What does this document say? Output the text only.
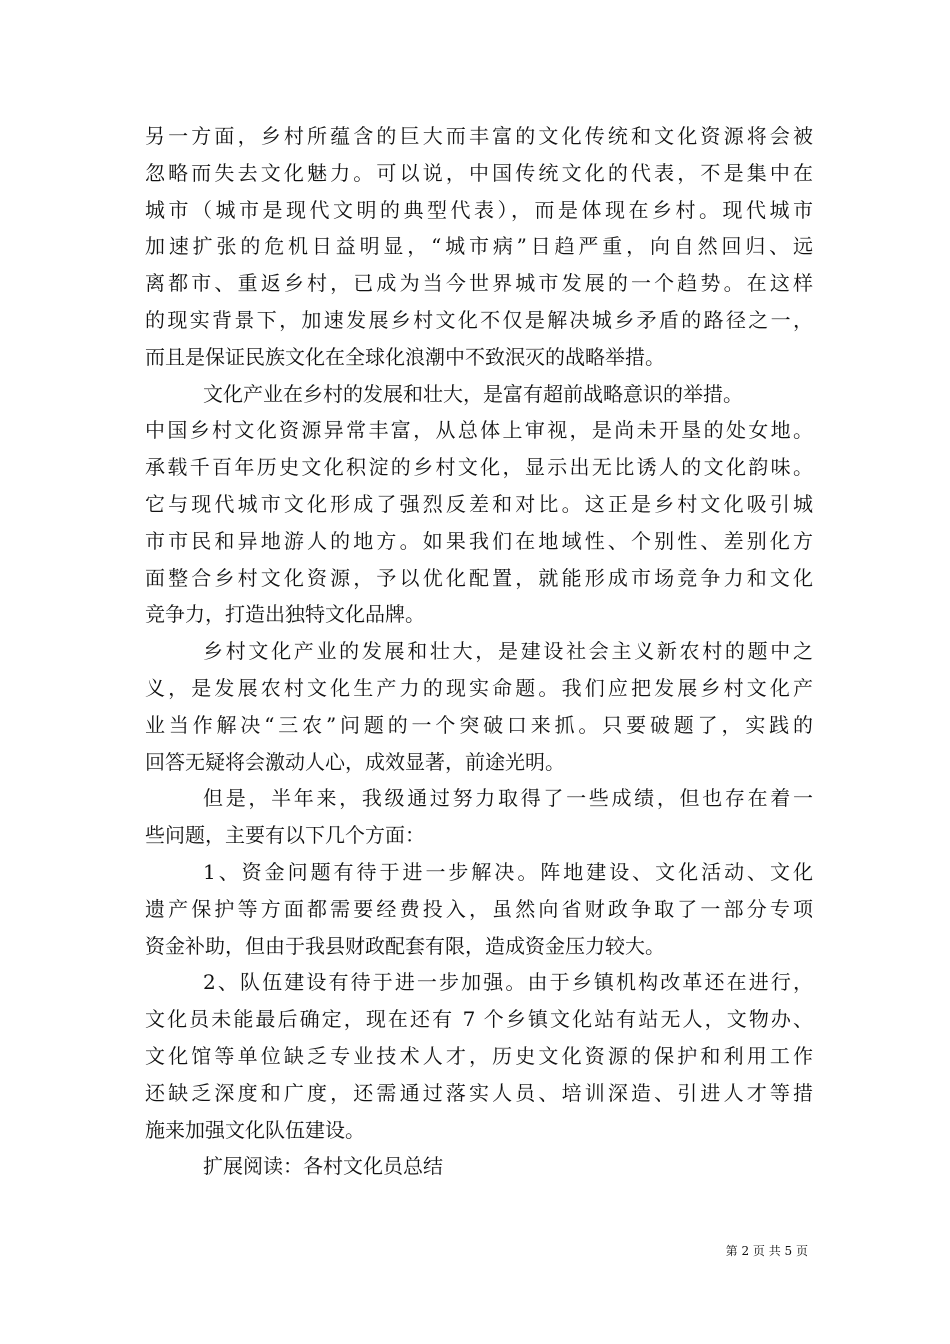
另一方面，乡村所蕴含的巨大而丰富的文化传统和文化资源将会被
忽略而失去文化魅力。可以说，中国传统文化的代表，不是集中在
城市（城市是现代文明的典型代表），而是体现在乡村。现代城市
加速扩张的危机日益明显，“城市病”日趋严重，向自然回归、远
离都市、重返乡村，已成为当今世界城市发展的一个趋势。在这样
的现实背景下，加速发展乡村文化不仅是解决城乡矛盾的路径之一，
而且是保证民族文化在全球化浪潮中不致泯灭的战略举措。
文化产业在乡村的发展和壮大，是富有超前战略意识的举措。
中国乡村文化资源异常丰富，从总体上审视，是尚未开垦的处女地。
承载千百年历史文化积淀的乡村文化，显示出无比诱人的文化韵味。
它与现代城市文化形成了强烈反差和对比。这正是乡村文化吸引城
市市民和异地游人的地方。如果我们在地域性、个别性、差别化方
面整合乡村文化资源，予以优化配置，就能形成市场竞争力和文化
竞争力，打造出独特文化品牌。
乡村文化产业的发展和壮大，是建设社会主义新农村的题中之
义，是发展农村文化生产力的现实命题。我们应把发展乡村文化产
业当作解决“三农”问题的一个突破口来抓。只要破题了，实践的
回答无疑将会激动人心，成效显著，前途光明。
但是，半年来，我级通过努力取得了一些成绩，但也存在着一
些问题，主要有以下几个方面：
1、资金问题有待于进一步解决。阵地建设、文化活动、文化
遗产保护等方面都需要经费投入，虽然向省财政争取了一部分专项
资金补助，但由于我县财政配套有限，造成资金压力较大。
2、队伍建设有待于进一步加强。由于乡镇机构改革还在进行，
文化员未能最后确定，现在还有 7 个乡镇文化站有站无人，文物办、
文化馆等单位缺乏专业技术人才，历史文化资源的保护和利用工作
还缺乏深度和广度，还需通过落实人员、培训深造、引进人才等措
施来加强文化队伍建设。
扩展阅读：各村文化员总结
第 2 页 共 5 页
